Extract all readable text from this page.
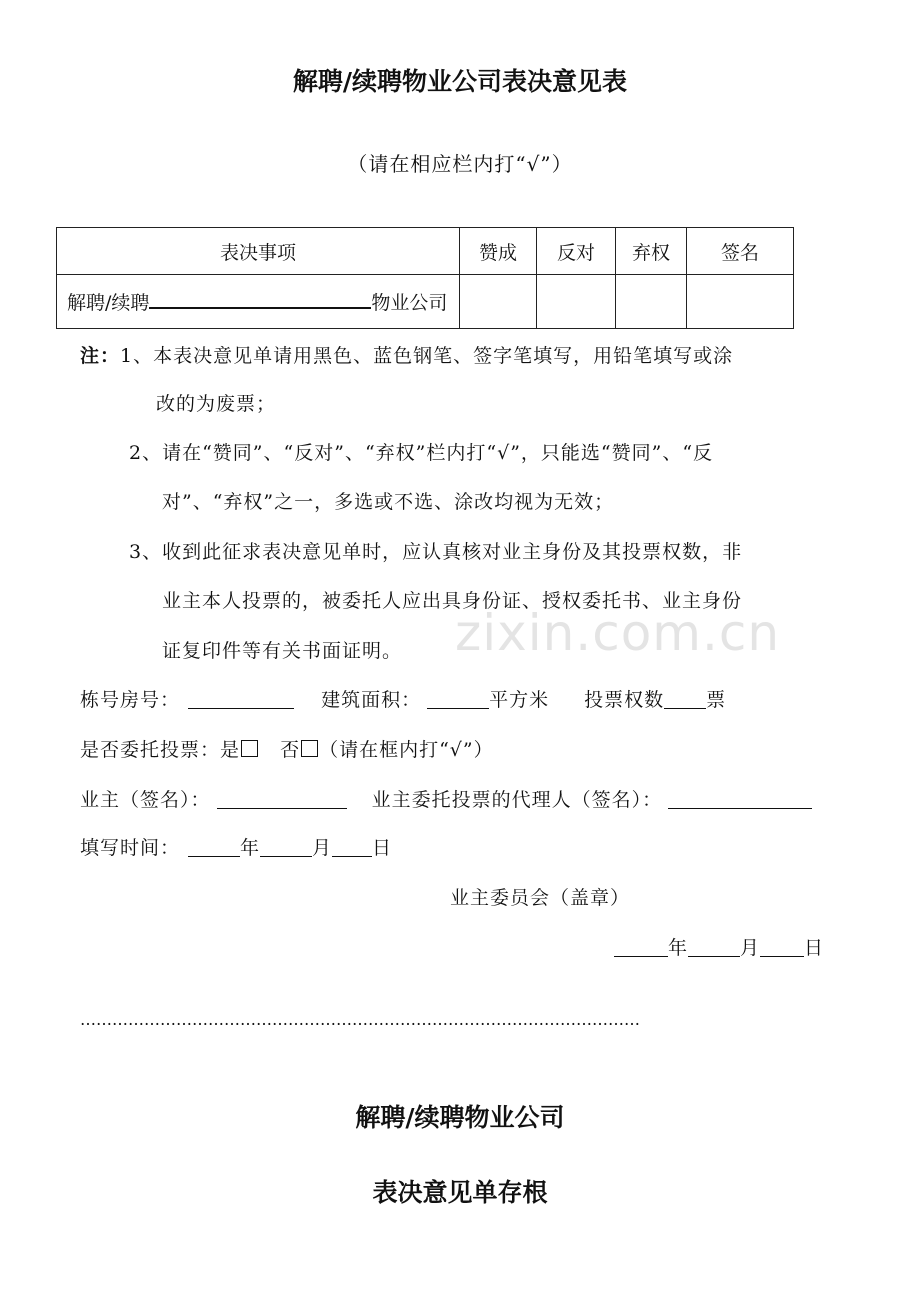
解聘/续聘物业公司表决意见表
（请在相应栏内打“√”）
表决事项	赞成	反对	弃权	签名
解聘/续聘 物业公司				
注：1、本表决意见单请用黑色、蓝色钢笔、签字笔填写，用铅笔填写或涂
改的为废票；
2、请在“赞同”、“反对”、“弃权”栏内打“√”，只能选“赞同”、“反
对”、“弃权”之一，多选或不选、涂改均视为无效；
3、收到此征求表决意见单时，应认真核对业主身份及其投票权数，非
业主本人投票的，被委托人应出具身份证、授权委托书、业主身份
证复印件等有关书面证明。
栋号房号：	建筑面积：	平方米 投票权数 票
是否委托投票：是 否 （请在框内打“√”）
业主（签名）：	业主委托投票的代理人（签名）：
填写时间：	年	月 日
业主委员会（盖章）
年	月 日
……………………………………………………………………………………………
解聘/续聘物业公司
表决意见单存根
zixin.com.cn
